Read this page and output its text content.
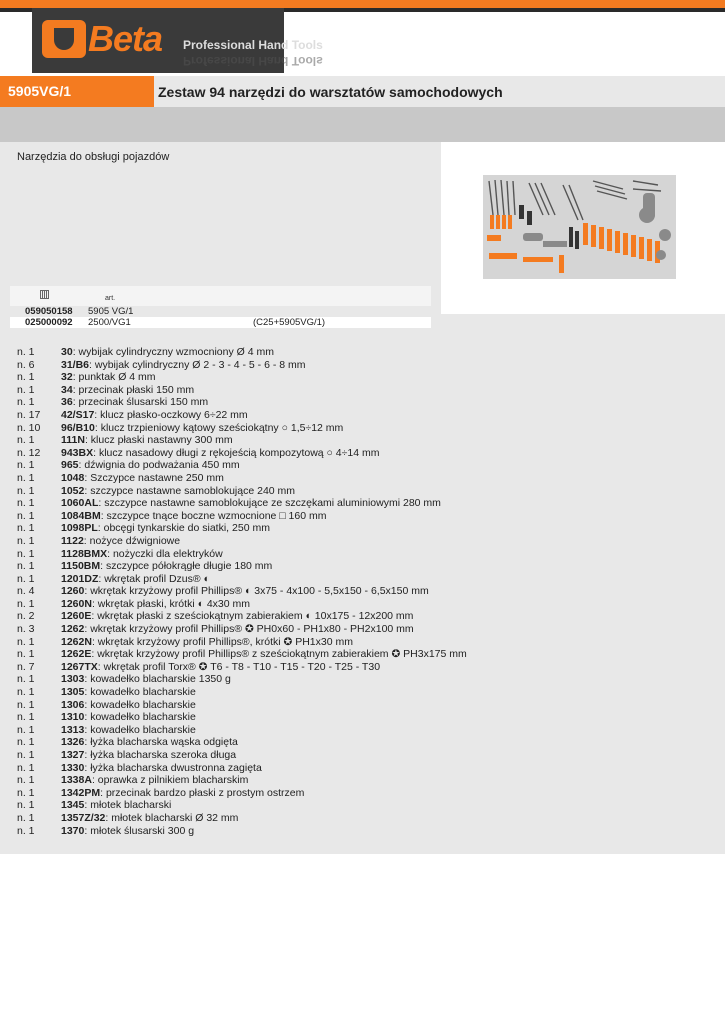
Beta Professional Hand Tools
Professional Hand Tools
5905VG/1	Zestaw 94 narzędzi do warsztatów samochodowych
Narzędzia do obsługi pojazdów
art.
059050158 5905 VG/1
025000092 2500/VG1	(C25+5905VG/1)
n. 1	30: wybijak cylindryczny wzmocniony Ø 4 mm
n. 6	31/B6: wybijak cylindryczny Ø 2 - 3 - 4 - 5 - 6 - 8 mm
n. 1	32: punktak Ø 4 mm
n. 1	34: przecinak płaski 150 mm
n. 1	36: przecinak ślusarski 150 mm
n. 17 42/S17: klucz płasko-oczkowy 6÷22 mm
n. 10 96/B10: klucz trzpieniowy kątowy sześciokątny ○ 1,5÷12 mm
n. 1	111N: klucz płaski nastawny 300 mm
n. 12 943BX: klucz nasadowy długi z rękojeścią kompozytową ○ 4÷14 mm
n. 1	965: dźwignia do podważania 450 mm
n. 1	1048: Szczypce nastawne 250 mm
n. 1	1052: szczypce nastawne samoblokujące 240 mm
n. 1	1060AL: szczypce nastawne samoblokujące ze szczękami aluminiowymi 280 mm
n. 1	1084BM: szczypce tnące boczne wzmocnione □ 160 mm
n. 1	1098PL: obcęgi tynkarskie do siatki, 250 mm
n. 1	1122: nożyce dźwigniowe
n. 1	1128BMX: nożyczki dla elektryków
n. 1	1150BM: szczypce półokrągłe długie 180 mm
n. 1	1201DZ: wkrętak profil Dzus® ◐
n. 4	1260: wkrętak krzyżowy profil Phillips® ◐ 3x75 - 4x100 - 5,5x150 - 6,5x150 mm
n. 1	1260N: wkrętak płaski, krótki ◐ 4x30 mm
n. 2	1260E: wkrętak płaski z sześciokątnym zabierakiem ◐ 10x175 - 12x200 mm
n. 3	1262: wkrętak krzyżowy profil Phillips® ✪ PH0x60 - PH1x80 - PH2x100 mm
n. 1	1262N: wkrętak krzyżowy profil Phillips®, krótki ✪ PH1x30 mm
n. 1	1262E: wkrętak krzyżowy profil Phillips® z sześciokątnym zabierakiem ✪ PH3x175 mm
n. 7	1267TX: wkrętak profil Torx® ✪ T6 - T8 - T10 - T15 - T20 - T25 - T30
n. 1	1303: kowadełko blacharskie 1350 g
n. 1	1305: kowadełko blacharskie
n. 1	1306: kowadełko blacharskie
n. 1	1310: kowadełko blacharskie
n. 1	1313: kowadełko blacharskie
n. 1	1326: łyżka blacharska wąska odgięta
n. 1	1327: łyżka blacharska szeroka długa
n. 1	1330: łyżka blacharska dwustronna zagięta
n. 1	1338A: oprawka z pilnikiem blacharskim
n. 1	1342PM: przecinak bardzo płaski z prostym ostrzem
n. 1	1345: młotek blacharski
n. 1	1357Z/32: młotek blacharski Ø 32 mm
n. 1	1370: młotek ślusarski 300 g
